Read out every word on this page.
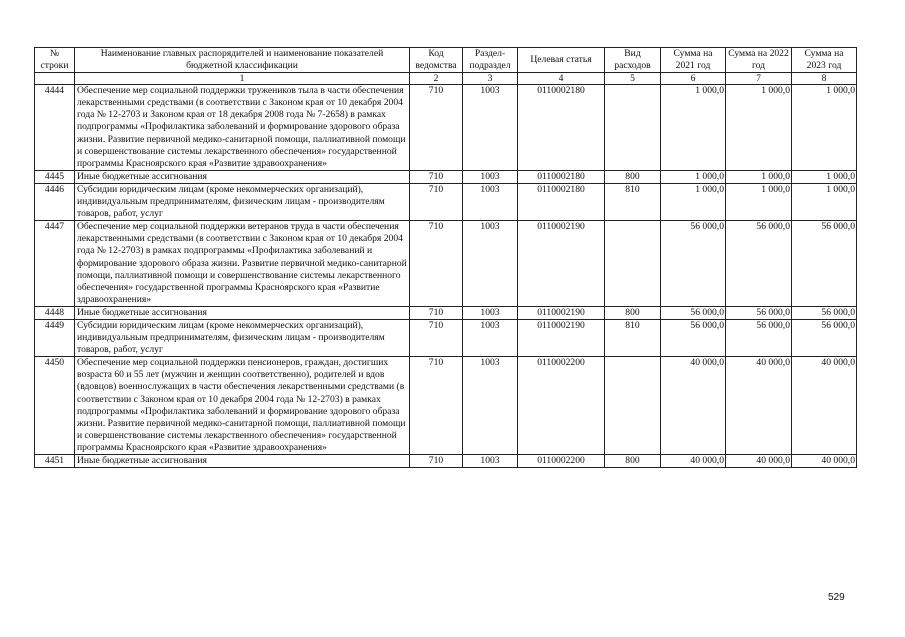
№ строки	Наименование главных распорядителей и наименование показателей бюджетной классификации	Код ведомства	Раздел-подраздел	Целевая статья	Вид расходов	Сумма на 2021 год	Сумма на 2022 год	Сумма на 2023 год
	1	2	3	4	5	6	7	8
4444	Обеспечение мер социальной поддержки тружеников тыла в части обеспечения лекарственными средствами (в соответствии с Законом края от 10 декабря 2004 года № 12-2703 и Законом края от 18 декабря 2008 года № 7-2658) в рамках подпрограммы «Профилактика заболеваний и формирование здорового образа жизни. Развитие первичной медико-санитарной помощи, паллиативной помощи и совершенствование системы лекарственного обеспечения» государственной программы Красноярского края «Развитие здравоохранения»	710	1003	0110002180		1 000,0	1 000,0	1 000,0
4445	Иные бюджетные ассигнования	710	1003	0110002180	800	1 000,0	1 000,0	1 000,0
4446	Субсидии юридическим лицам (кроме некоммерческих организаций), индивидуальным предпринимателям, физическим лицам - производителям товаров, работ, услуг	710	1003	0110002180	810	1 000,0	1 000,0	1 000,0
4447	Обеспечение мер социальной поддержки ветеранов труда в части обеспечения лекарственными средствами (в соответствии с Законом края от 10 декабря 2004 года № 12-2703) в рамках подпрограммы «Профилактика заболеваний и формирование здорового образа жизни. Развитие первичной медико-санитарной помощи, паллиативной помощи и совершенствование системы лекарственного обеспечения» государственной программы Красноярского края «Развитие здравоохранения»	710	1003	0110002190		56 000,0	56 000,0	56 000,0
4448	Иные бюджетные ассигнования	710	1003	0110002190	800	56 000,0	56 000,0	56 000,0
4449	Субсидии юридическим лицам (кроме некоммерческих организаций), индивидуальным предпринимателям, физическим лицам - производителям товаров, работ, услуг	710	1003	0110002190	810	56 000,0	56 000,0	56 000,0
4450	Обеспечение мер социальной поддержки пенсионеров, граждан, достигших возраста 60 и 55 лет (мужчин и женщин соответственно), родителей и вдов (вдовцов) военнослужащих в части обеспечения лекарственными средствами (в соответствии с Законом края от 10 декабря 2004 года № 12-2703) в рамках подпрограммы «Профилактика заболеваний и формирование здорового образа жизни. Развитие первичной медико-санитарной помощи, паллиативной помощи и совершенствование системы лекарственного обеспечения» государственной программы Красноярского края «Развитие здравоохранения»	710	1003	0110002200		40 000,0	40 000,0	40 000,0
4451	Иные бюджетные ассигнования	710	1003	0110002200	800	40 000,0	40 000,0	40 000,0
529
